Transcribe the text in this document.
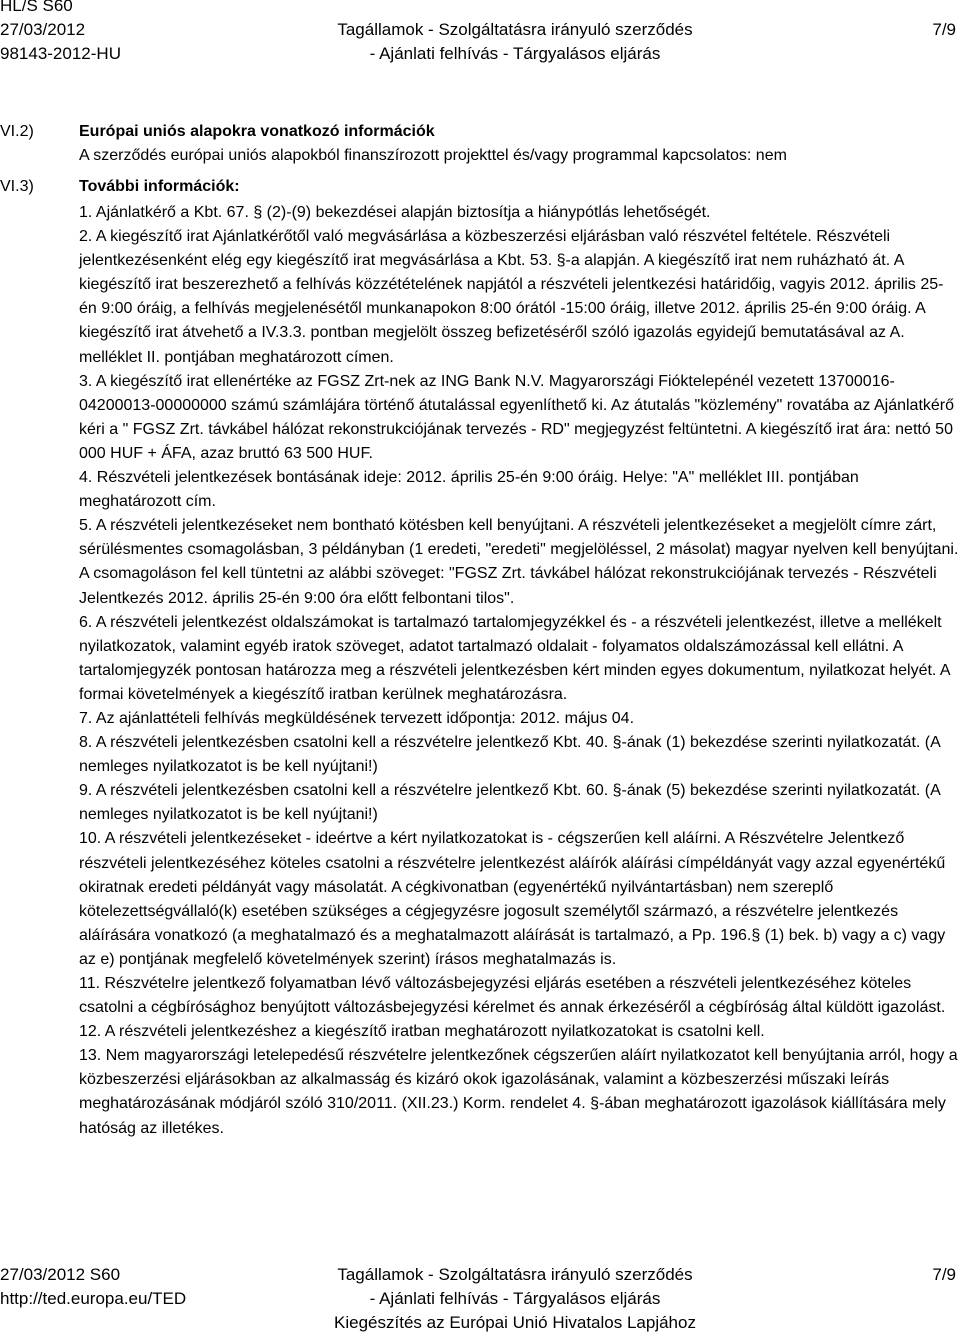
HL/S S60
27/03/2012
98143-2012-HU
Tagállamok - Szolgáltatásra irányuló szerződés
- Ajánlati felhívás - Tárgyalásos eljárás
7/9
VI.2)	Európai uniós alapokra vonatkozó információk
A szerződés európai uniós alapokból finanszírozott projekttel és/vagy programmal kapcsolatos: nem
VI.3)	További információk:

1. Ajánlatkérő a Kbt. 67. § (2)-(9) bekezdései alapján biztosítja a hiánypótlás lehetőségét.

2. A kiegészítő irat Ajánlatkérőtől való megvásárlása a közbeszerzési eljárásban való részvétel feltétele. Részvételi jelentkezésenként elég egy kiegészítő irat megvásárlása a Kbt. 53. §-a alapján. A kiegészítő irat nem ruházható át. A kiegészítő irat beszerezhető a felhívás közzétételének napjától a részvételi jelentkezési határidőig, vagyis 2012. április 25-én 9:00 óráig, a felhívás megjelenésétől munkanapokon 8:00 órától -15:00 óráig, illetve 2012. április 25-én 9:00 óráig. A kiegészítő irat átvehető a IV.3.3. pontban megjelölt összeg befizetéséről szóló igazolás egyidejű bemutatásával az A. melléklet II. pontjában meghatározott címen.

3. A kiegészítő irat ellenértéke az FGSZ Zrt-nek az ING Bank N.V. Magyarországi Fióktelepénél vezetett 13700016-04200013-00000000 számú számlájára történő átutalással egyenlíthető ki. Az átutalás "közlemény" rovatába az Ajánlatkérő kéri a " FGSZ Zrt. távkábel hálózat rekonstrukciójának tervezés - RD" megjegyzést feltüntetni. A kiegészítő irat ára: nettó 50 000 HUF + ÁFA, azaz bruttó 63 500 HUF.

4. Részvételi jelentkezések bontásának ideje: 2012. április 25-én 9:00 óráig. Helye: "A" melléklet III. pontjában meghatározott cím.

5. A részvételi jelentkezéseket nem bontható kötésben kell benyújtani. A részvételi jelentkezéseket a megjelölt címre zárt, sérülésmentes csomagolásban, 3 példányban (1 eredeti, "eredeti" megjelöléssel, 2 másolat) magyar nyelven kell benyújtani. A csomagoláson fel kell tüntetni az alábbi szöveget: "FGSZ Zrt. távkábel hálózat rekonstrukciójának tervezés - Részvételi Jelentkezés 2012. április 25-én 9:00 óra előtt felbontani tilos".

6. A részvételi jelentkezést oldalszámokat is tartalmazó tartalomjegyzékkel és - a részvételi jelentkezést, illetve a mellékelt nyilatkozatok, valamint egyéb iratok szöveget, adatot tartalmazó oldalait - folyamatos oldalszámozással kell ellátni. A tartalomjegyzék pontosan határozza meg a részvételi jelentkezésben kért minden egyes dokumentum, nyilatkozat helyét. A formai követelmények a kiegészítő iratban kerülnek meghatározásra.

7. Az ajánlattételi felhívás megküldésének tervezett időpontja: 2012. május 04.

8. A részvételi jelentkezésben csatolni kell a részvételre jelentkező Kbt. 40. §-ának (1) bekezdése szerinti nyilatkozatát. (A nemleges nyilatkozatot is be kell nyújtani!)

9. A részvételi jelentkezésben csatolni kell a részvételre jelentkező Kbt. 60. §-ának (5) bekezdése szerinti nyilatkozatát. (A nemleges nyilatkozatot is be kell nyújtani!)

10. A részvételi jelentkezéseket - ideértve a kért nyilatkozatokat is - cégszerűen kell aláírni. A Részvételre Jelentkező részvételi jelentkezéséhez köteles csatolni a részvételre jelentkezést aláírók aláírási címpéldányát vagy azzal egyenértékű okiratnak eredeti példányát vagy másolatát. A cégkivonatban (egyenértékű nyilvántartásban) nem szereplő kötelezettségvállaló(k) esetében szükséges a cégjegyzésre jogosult személytől származó, a részvételre jelentkezés aláírására vonatkozó (a meghatalmazó és a meghatalmazott aláírását is tartalmazó, a Pp. 196.§ (1) bek. b) vagy a c) vagy az e) pontjának megfelelő követelmények szerint) írásos meghatalmazás is.

11. Részvételre jelentkező folyamatban lévő változásbejegyzési eljárás esetében a részvételi jelentkezéséhez köteles csatolni a cégbírósághoz benyújtott változásbejegyzési kérelmet és annak érkezéséről a cégbíróság által küldött igazolást.

12. A részvételi jelentkezéshez a kiegészítő iratban meghatározott nyilatkozatokat is csatolni kell.

13. Nem magyarországi letelepedésű részvételre jelentkezőnek cégszerűen aláírt nyilatkozatot kell benyújtania arról, hogy a közbeszerzési eljárásokban az alkalmasság és kizáró okok igazolásának, valamint a közbeszerzési műszaki leírás meghatározásának módjáról szóló 310/2011. (XII.23.) Korm. rendelet 4. §-ában meghatározott igazolások kiállítására mely hatóság az illetékes.

27/03/2012 S60
http://ted.europa.eu/TED
Tagállamok - Szolgáltatásra irányuló szerződés
- Ajánlati felhívás - Tárgyalásos eljárás
Kiegészítés az Európai Unió Hivatalos Lapjához
7/9
